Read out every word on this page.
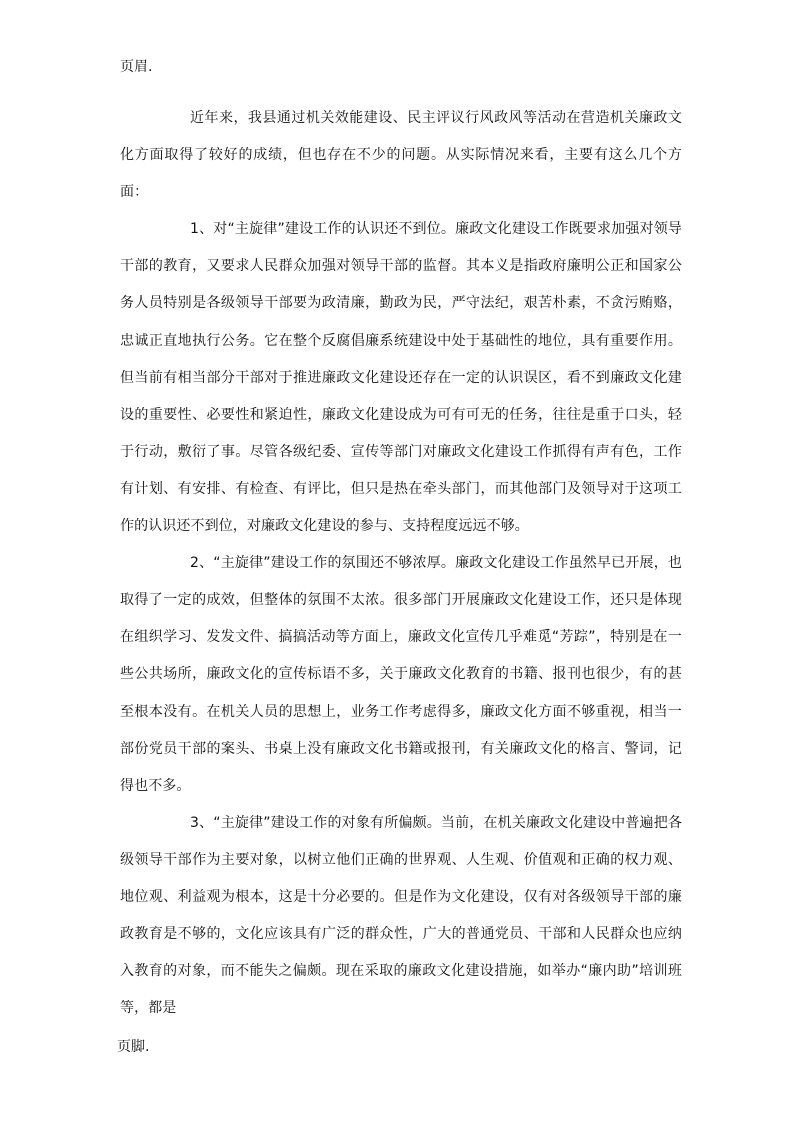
页眉.

近年来，我县通过机关效能建设、民主评议行风政风等活动在营造机关廉政文化方面取得了较好的成绩，但也存在不少的问题。从实际情况来看，主要有这么几个方面：

1、对“主旋律”建设工作的认识还不到位。廉政文化建设工作既要求加强对领导干部的教育，又要求人民群众加强对领导干部的监督。其本义是指政府廉明公正和国家公务人员特别是各级领导干部要为政清廉，勤政为民，严守法纪，艰苦朴素，不贪污贿赂，忠诚正直地执行公务。它在整个反腐倡廉系统建设中处于基础性的地位，具有重要作用。但当前有相当部分干部对于推进廉政文化建设还存在一定的认识误区，看不到廉政文化建设的重要性、必要性和紧迫性，廉政文化建设成为可有可无的任务，往往是重于口头，轻于行动，敷衍了事。尽管各级纪委、宣传等部门对廉政文化建设工作抓得有声有色，工作有计划、有安排、有检查、有评比，但只是热在牵头部门，而其他部门及领导对于这项工作的认识还不到位，对廉政文化建设的参与、支持程度远远不够。

2、“主旋律”建设工作的氛围还不够浓厚。廉政文化建设工作虽然早已开展，也取得了一定的成效，但整体的氛围不太浓。很多部门开展廉政文化建设工作，还只是体现在组织学习、发发文件、搞搞活动等方面上，廉政文化宣传几乎难觅“芳踪”，特别是在一些公共场所，廉政文化的宣传标语不多，关于廉政文化教育的书籍、报刊也很少，有的甚至根本没有。在机关人员的思想上，业务工作考虑得多，廉政文化方面不够重视，相当一部份党员干部的案头、书桌上没有廉政文化书籍或报刊，有关廉政文化的格言、警词，记得也不多。

3、“主旋律”建设工作的对象有所偏颇。当前，在机关廉政文化建设中普遍把各级领导干部作为主要对象，以树立他们正确的世界观、人生观、价值观和正确的权力观、地位观、利益观为根本，这是十分必要的。但是作为文化建设，仅有对各级领导干部的廉政教育是不够的，文化应该具有广泛的群众性，广大的普通党员、干部和人民群众也应纳入教育的对象，而不能失之偏颇。现在采取的廉政文化建设措施，如举办“廉内助”培训班等，都是

页脚.
